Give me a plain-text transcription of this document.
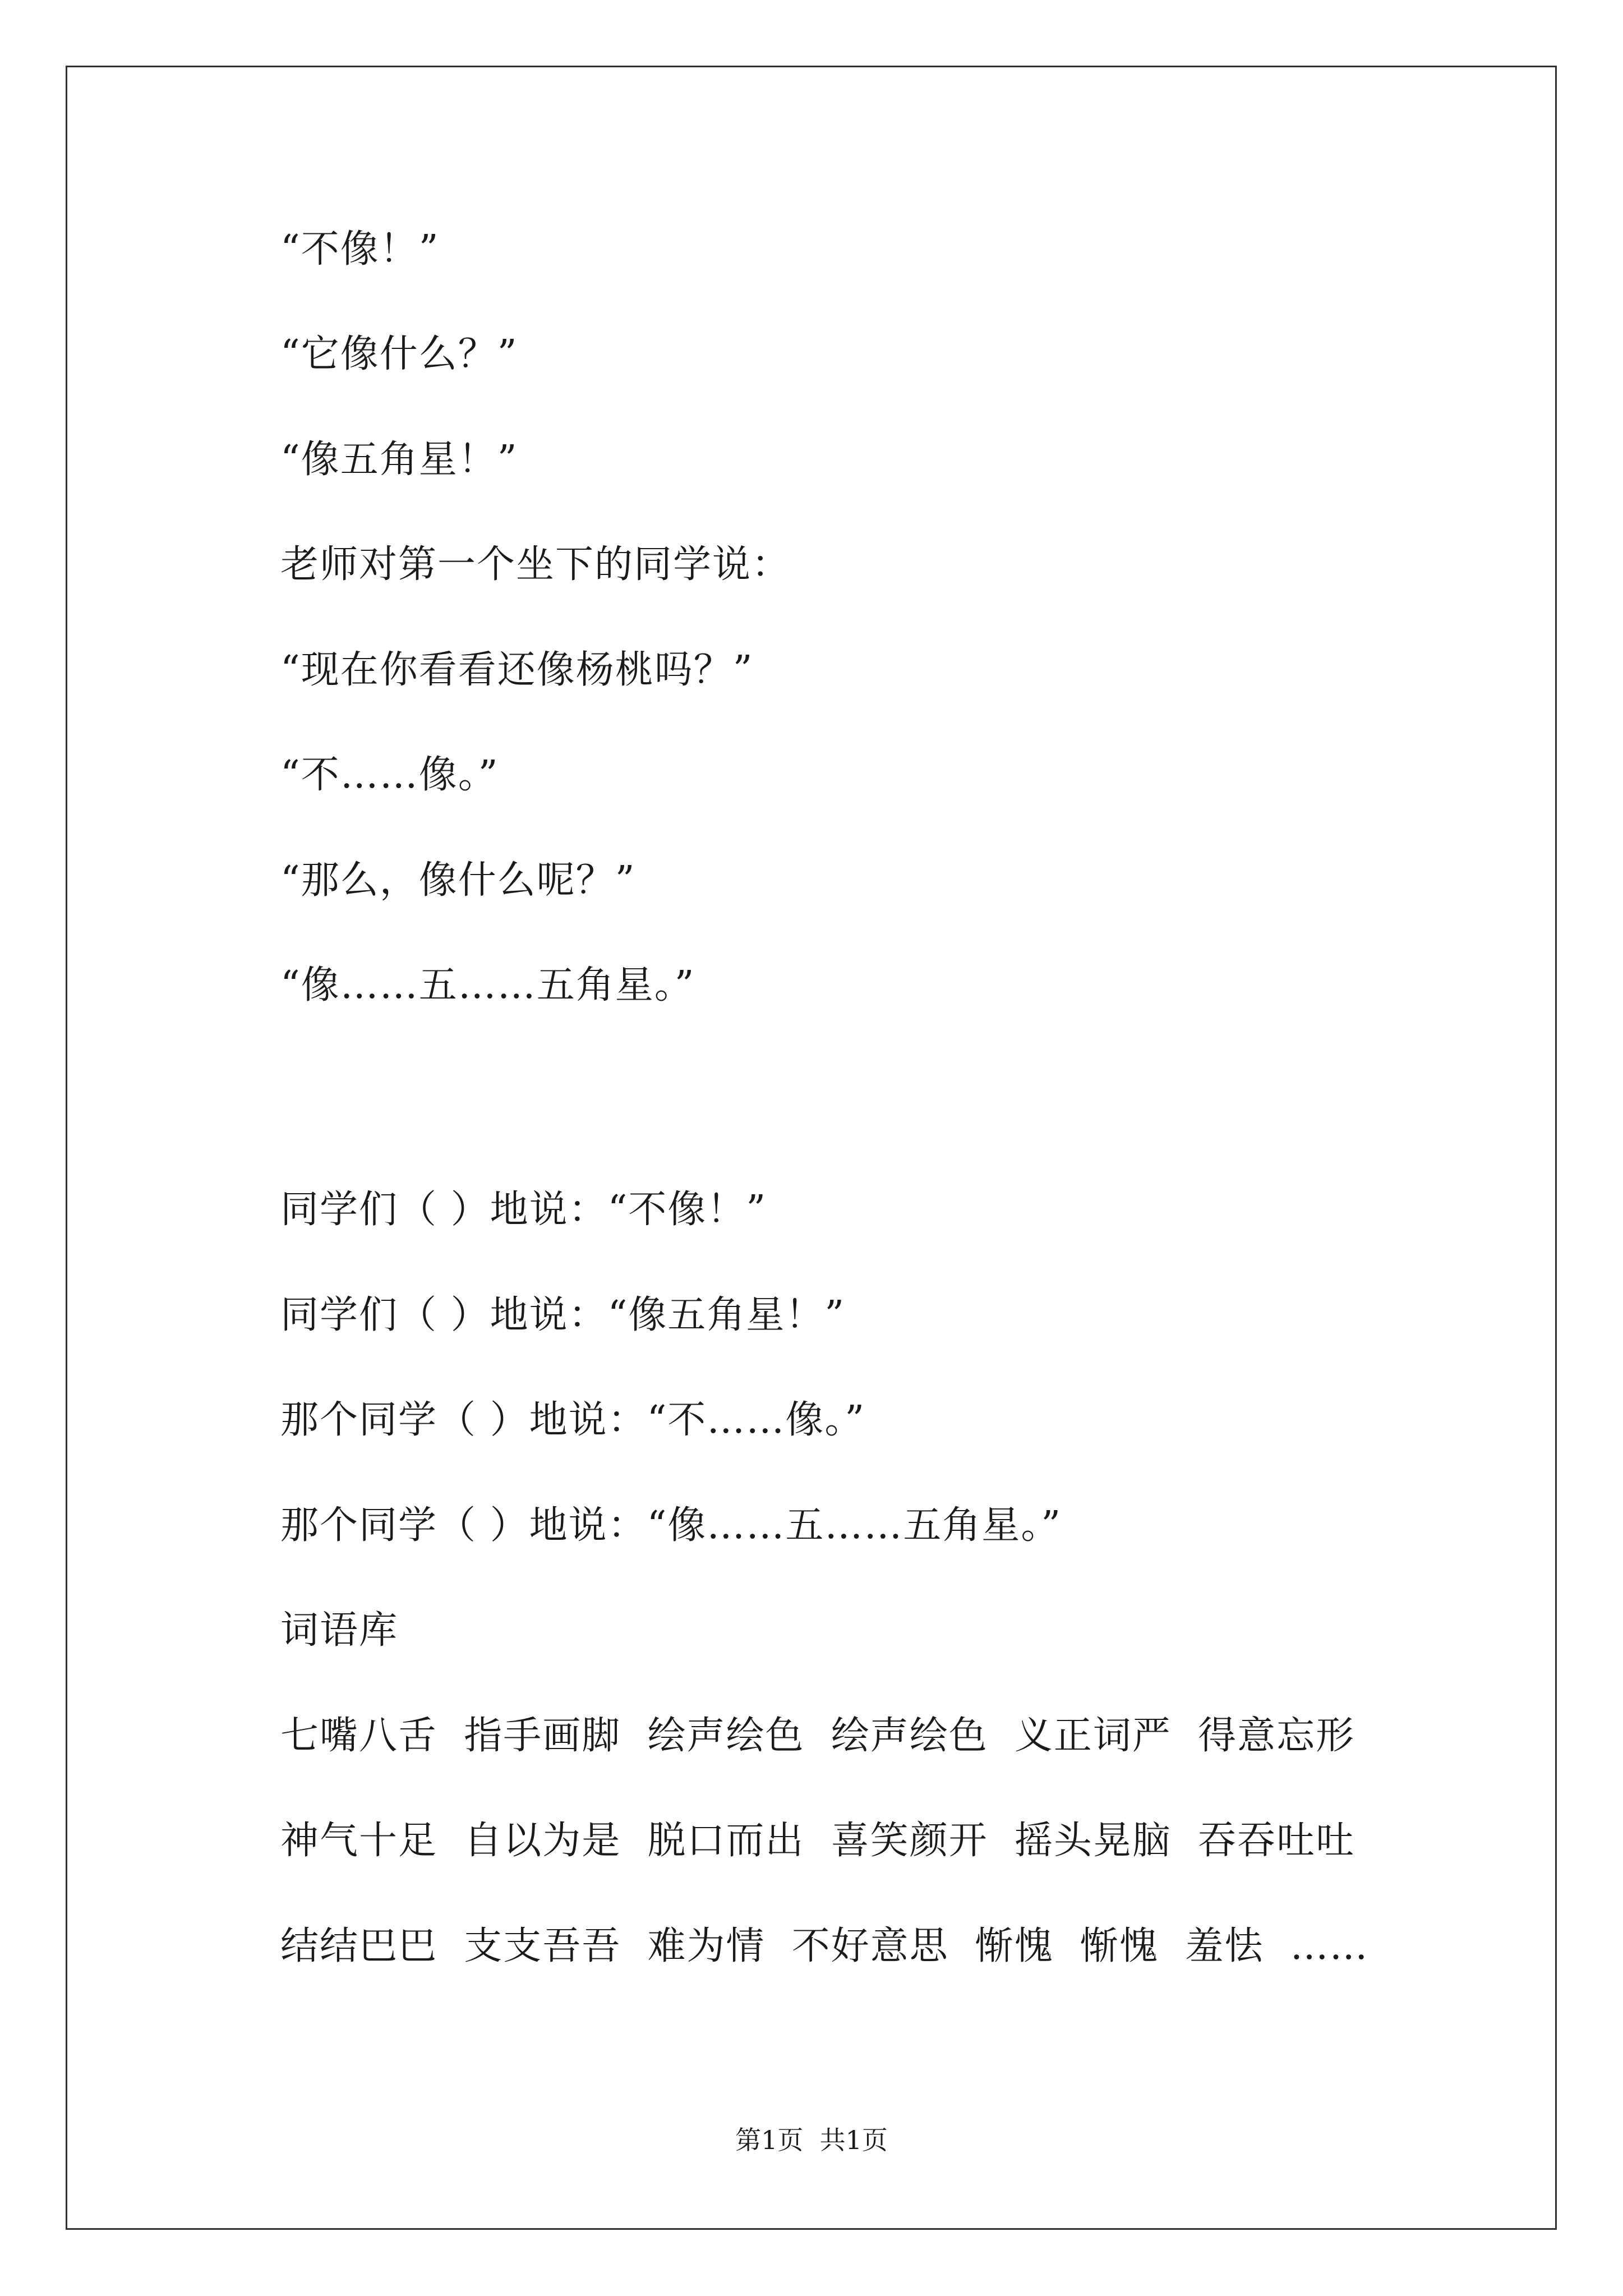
“不像！”
“它像什么？”
“像五角星！”
老师对第一个坐下的同学说：
“现在你看看还像杨桃吗？”
“不……像。”
“那么，像什么呢？”
“像……五……五角星。”
同学们（ ）地说：“不像！”
同学们（ ）地说：“像五角星！”
那个同学（ ）地说：“不……像。”
那个同学（ ）地说：“像……五……五角星。”
词语库
七嘴八舌  指手画脚  绘声绘色  绘声绘色  义正词严  得意忘形
神气十足  自以为是  脱口而出  喜笑颜开  摇头晃脑  吞吞吐吐
结结巴巴  支支吾吾  难为情  不好意思  惭愧  惭愧  羞怯  ……
第1页  共1页
